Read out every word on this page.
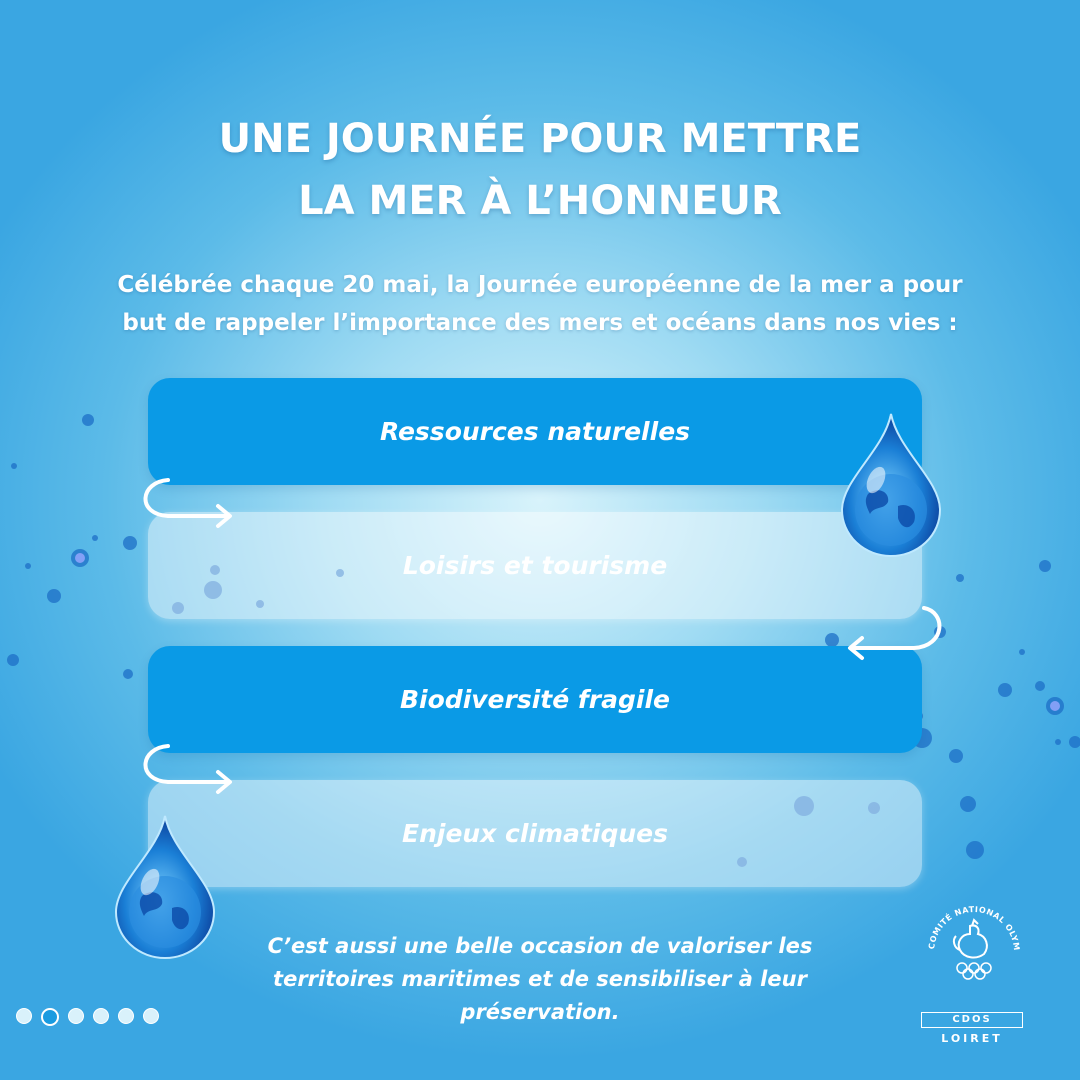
UNE JOURNÉE POUR METTRE
LA MER À L’HONNEUR
Célébrée chaque 20 mai, la Journée européenne de la mer a pour
but de rappeler l’importance des mers et océans dans nos vies :
Ressources naturelles
Loisirs et tourisme
Biodiversité fragile
Enjeux climatiques
C’est aussi une belle occasion de valoriser les
territoires maritimes et de sensibiliser à leur
préservation.
COMITÉ NATIONAL OLYM
CDOS
LOIRET
